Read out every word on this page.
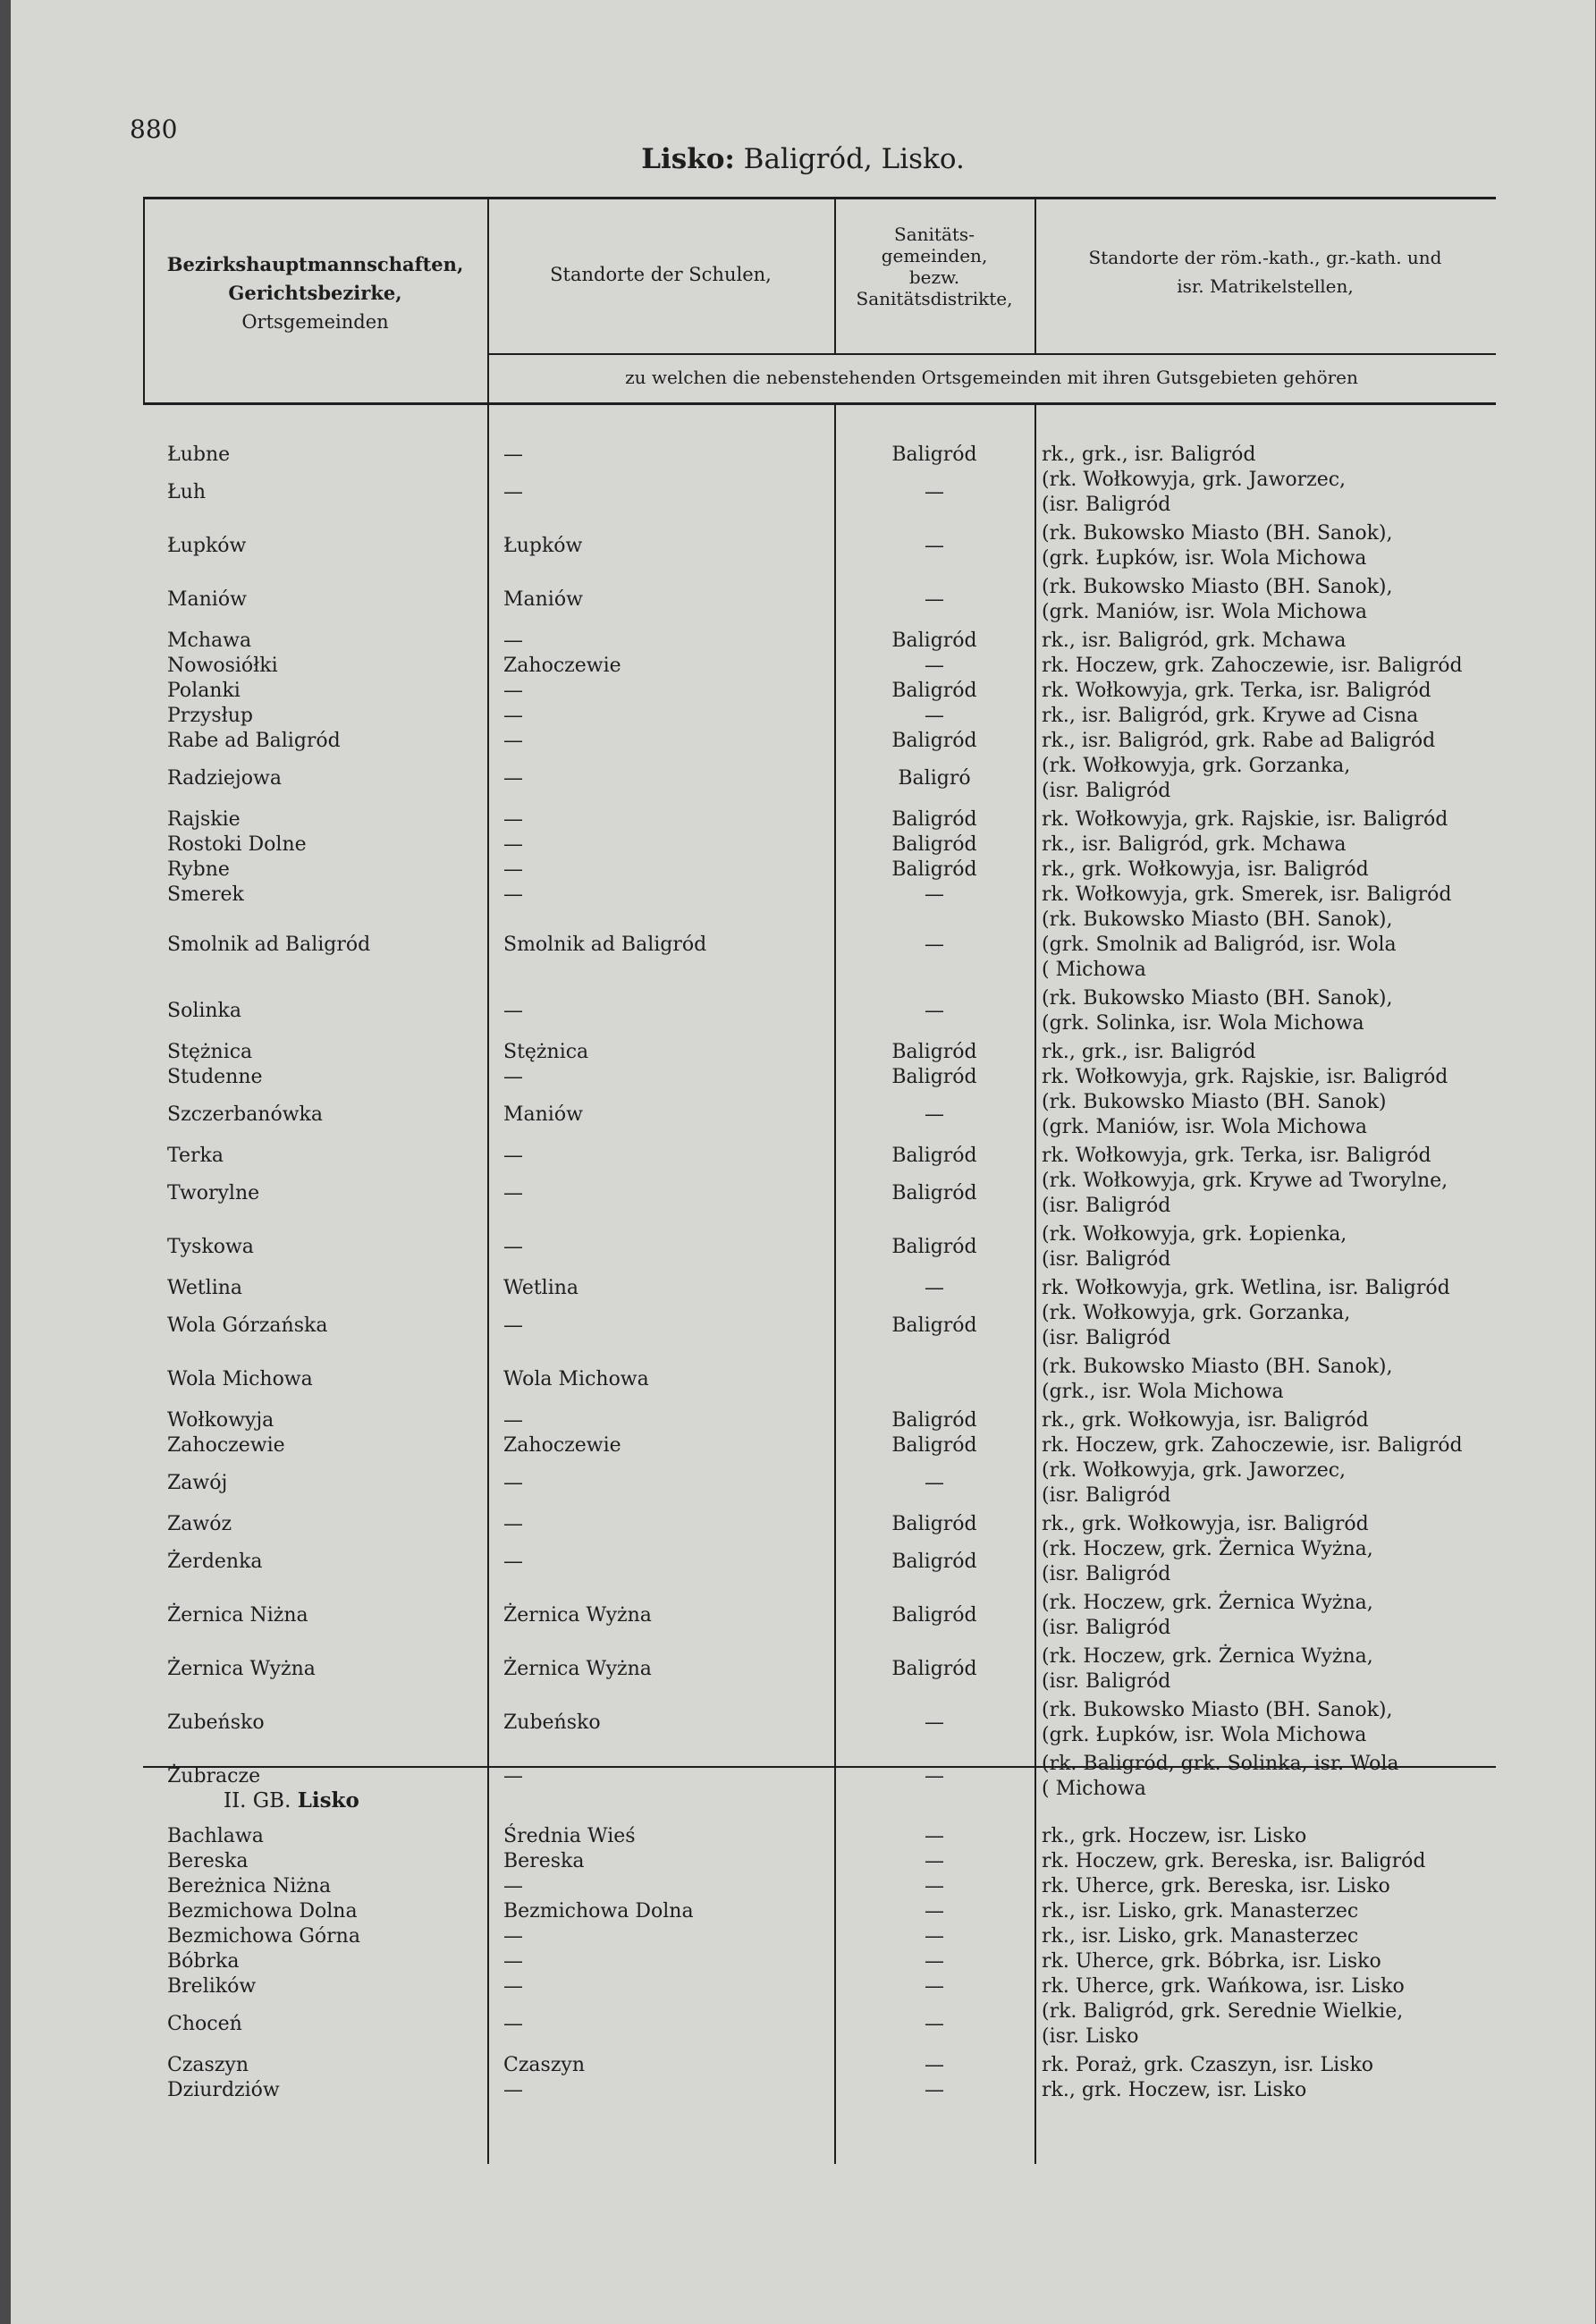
880
Lisko: Baligród, Lisko.
Bezirkshauptmannschaften,
Gerichtsbezirke,
Ortsgemeinden
Standorte der Schulen,
Sanitäts-
gemeinden,
bezw.
Sanitätsdistrikte,
Standorte der röm.-kath., gr.-kath. und
isr. Matrikelstellen,
zu welchen die nebenstehenden Ortsgemeinden mit ihren Gutsgebieten gehören
Łubne	—	Baligród	rk., grk., isr. Baligród
Łuh	—	—
(rk. Wołkowyja, grk. Jaworzec,
(isr. Baligród
Łupków	Łupków	—
(rk. Bukowsko Miasto (BH. Sanok),
(grk. Łupków, isr. Wola Michowa
Maniów	Maniów	—
(rk. Bukowsko Miasto (BH. Sanok),
(grk. Maniów, isr. Wola Michowa
Mchawa	—	Baligród	rk., isr. Baligród, grk. Mchawa
Nowosiółki	Zahoczewie	—	rk. Hoczew, grk. Zahoczewie, isr. Baligród
Polanki	—	Baligród	rk. Wołkowyja, grk. Terka, isr. Baligród
Przysłup	—	—	rk., isr. Baligród, grk. Krywe ad Cisna
Rabe ad Baligród	—	Baligród	rk., isr. Baligród, grk. Rabe ad Baligród
Radziejowa	—	Baligró
(rk. Wołkowyja, grk. Gorzanka,
(isr. Baligród
Rajskie	—	Baligród	rk. Wołkowyja, grk. Rajskie, isr. Baligród
Rostoki Dolne	—	Baligród	rk., isr. Baligród, grk. Mchawa
Rybne	—	Baligród	rk., grk. Wołkowyja, isr. Baligród
Smerek	—	—	rk. Wołkowyja, grk. Smerek, isr. Baligród
Smolnik ad Baligród	Smolnik ad Baligród	—
(rk. Bukowsko Miasto (BH. Sanok),
(grk. Smolnik ad Baligród, isr. Wola
( Michowa
Solinka	—	—
(rk. Bukowsko Miasto (BH. Sanok),
(grk. Solinka, isr. Wola Michowa
Stężnica	Stężnica	Baligród	rk., grk., isr. Baligród
Studenne	—	Baligród	rk. Wołkowyja, grk. Rajskie, isr. Baligród
Szczerbanówka	Maniów	—
(rk. Bukowsko Miasto (BH. Sanok)
(grk. Maniów, isr. Wola Michowa
Terka	—	Baligród	rk. Wołkowyja, grk. Terka, isr. Baligród
Tworylne	—	Baligród
(rk. Wołkowyja, grk. Krywe ad Tworylne,
(isr. Baligród
Tyskowa	—	Baligród
(rk. Wołkowyja, grk. Łopienka,
(isr. Baligród
Wetlina	Wetlina	—	rk. Wołkowyja, grk. Wetlina, isr. Baligród
Wola Górzańska	—	Baligród
(rk. Wołkowyja, grk. Gorzanka,
(isr. Baligród
Wola Michowa	Wola Michowa
(rk. Bukowsko Miasto (BH. Sanok),
(grk., isr. Wola Michowa
Wołkowyja	—	Baligród	rk., grk. Wołkowyja, isr. Baligród
Zahoczewie	Zahoczewie	Baligród	rk. Hoczew, grk. Zahoczewie, isr. Baligród
Zawój	—	—
(rk. Wołkowyja, grk. Jaworzec,
(isr. Baligród
Zawóz	—	Baligród	rk., grk. Wołkowyja, isr. Baligród
Żerdenka	—	Baligród
(rk. Hoczew, grk. Żernica Wyżna,
(isr. Baligród
Żernica Niżna	Żernica Wyżna	Baligród
(rk. Hoczew, grk. Żernica Wyżna,
(isr. Baligród
Żernica Wyżna	Żernica Wyżna	Baligród
(rk. Hoczew, grk. Żernica Wyżna,
(isr. Baligród
Zubeńsko	Zubeńsko	—
(rk. Bukowsko Miasto (BH. Sanok),
(grk. Łupków, isr. Wola Michowa
Żubracze	—	—
(rk. Baligród, grk. Solinka, isr. Wola
( Michowa
II. GB. Lisko
Bachlawa	Średnia Wieś	—	rk., grk. Hoczew, isr. Lisko
Bereska	Bereska	—	rk. Hoczew, grk. Bereska, isr. Baligród
Bereżnica Niżna	—	—	rk. Uherce, grk. Bereska, isr. Lisko
Bezmichowa Dolna	Bezmichowa Dolna	—	rk., isr. Lisko, grk. Manasterzec
Bezmichowa Górna	—	—	rk., isr. Lisko, grk. Manasterzec
Bóbrka	—	—	rk. Uherce, grk. Bóbrka, isr. Lisko
Brelików	—	—	rk. Uherce, grk. Wańkowa, isr. Lisko
Choceń	—	—
(rk. Baligród, grk. Serednie Wielkie,
(isr. Lisko
Czaszyn	Czaszyn	—	rk. Poraż, grk. Czaszyn, isr. Lisko
Dziurdziów	—	—	rk., grk. Hoczew, isr. Lisko
